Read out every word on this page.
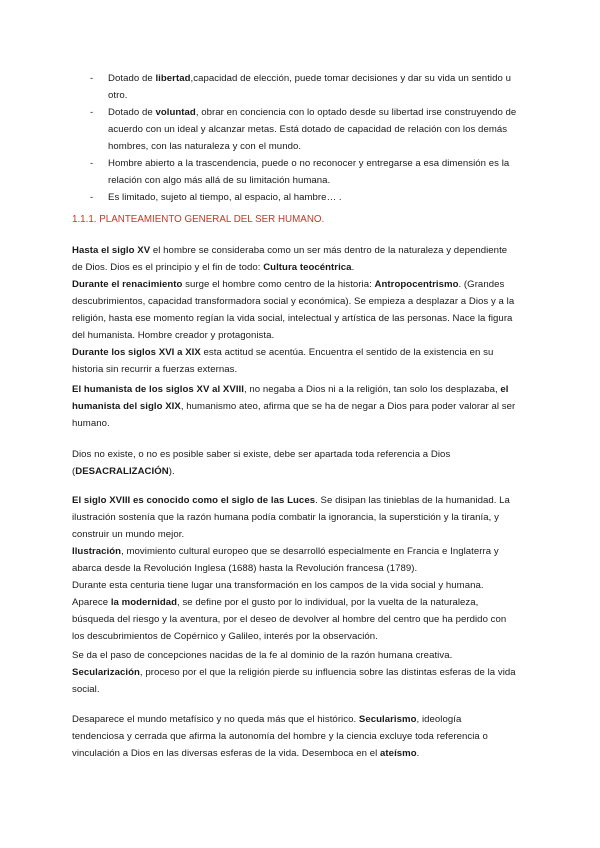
- Dotado de libertad,capacidad de elección, puede tomar decisiones y dar su vida un sentido u otro.
- Dotado de voluntad, obrar en conciencia con lo optado desde su libertad irse construyendo de acuerdo con un ideal y alcanzar metas. Está dotado de capacidad de relación con los demás hombres, con las naturaleza y con el mundo.
- Hombre abierto a la trascendencia, puede o no reconocer y entregarse a esa dimensión es la relación con algo más allá de su limitación humana.
- Es limitado, sujeto al tiempo, al espacio, al hambre… .
1.1.1. PLANTEAMIENTO GENERAL DEL SER HUMANO.
Hasta el siglo XV el hombre se consideraba como un ser más dentro de la naturaleza y dependiente
de Dios. Dios es el principio y el fin de todo: Cultura teocéntrica.
Durante el renacimiento surge el hombre como centro de la historia: Antropocentrismo. (Grandes
descubrimientos, capacidad transformadora social y económica). Se empieza a desplazar a Dios y a la
religión, hasta ese momento regían la vida social, intelectual y artística de las personas. Nace la figura
del humanista. Hombre creador y protagonista.
Durante los siglos XVI a XIX esta actitud se acentúa. Encuentra el sentido de la existencia en su
historia sin recurrir a fuerzas externas.
El humanista de los siglos XV al XVIII, no negaba a Dios ni a la religión, tan solo los desplazaba, el
humanista del siglo XIX, humanismo ateo, afirma que se ha de negar a Dios para poder valorar al ser
humano.
Dios no existe, o no es posible saber si existe, debe ser apartada toda referencia a Dios
(DESACRALIZACIÓN).
El siglo XVIII es conocido como el siglo de las Luces. Se disipan las tinieblas de la humanidad. La
ilustración sostenía que la razón humana podía combatir la ignorancia, la superstición y la tiranía, y
construir un mundo mejor.
Ilustración, movimiento cultural europeo que se desarrolló especialmente en Francia e Inglaterra y
abarca desde la Revolución Inglesa (1688) hasta la Revolución francesa (1789).
Durante esta centuria tiene lugar una transformación en los campos de la vida social y humana.
Aparece la modernidad, se define por el gusto por lo individual, por la vuelta de la naturaleza,
búsqueda del riesgo y la aventura, por el deseo de devolver al hombre del centro que ha perdido con
los descubrimientos de Copérnico y Galileo, interés por la observación.
Se da el paso de concepciones nacidas de la fe al dominio de la razón humana creativa.
Secularización, proceso por el que la religión pierde su influencia sobre las distintas esferas de la vida
social.
Desaparece el mundo metafísico y no queda más que el histórico. Secularismo, ideología
tendenciosa y cerrada que afirma la autonomía del hombre y la ciencia excluye toda referencia o
vinculación a Dios en las diversas esferas de la vida. Desemboca en el ateísmo.
